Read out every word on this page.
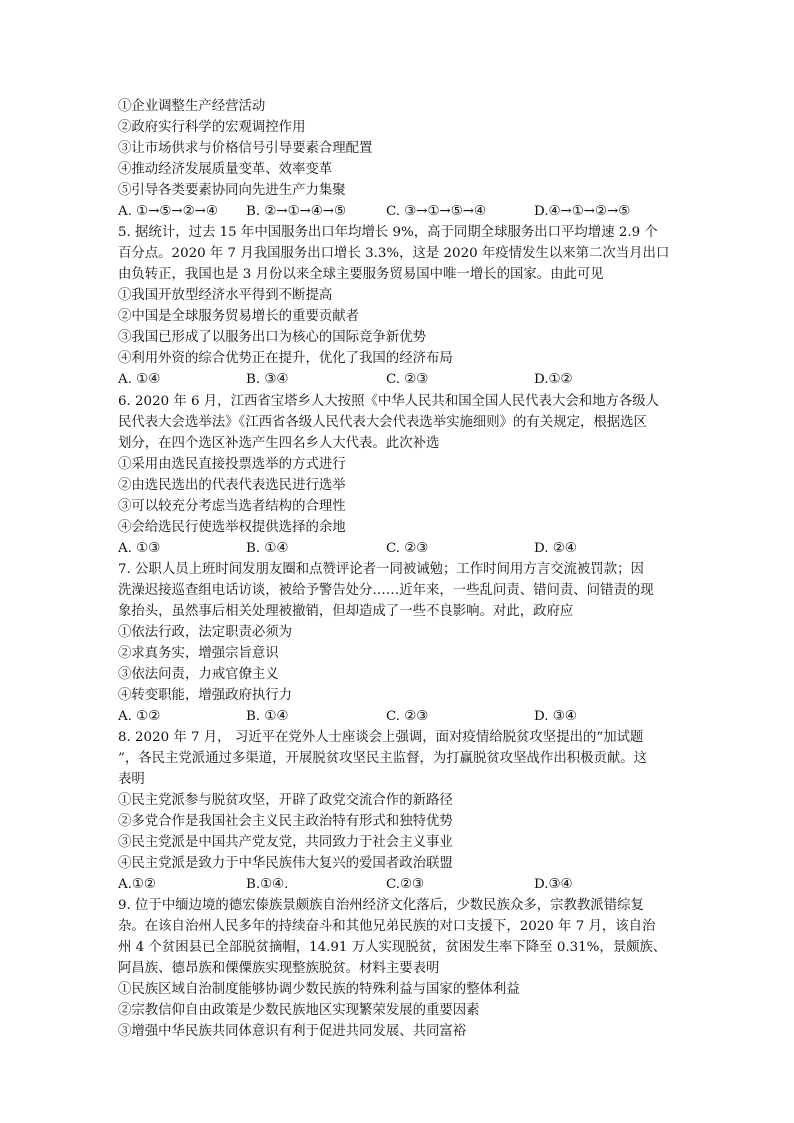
①企业调整生产经营活动
②政府实行科学的宏观调控作用
③让市场供求与价格信号引导要素合理配置
④推动经济发展质量变革、效率变革
⑤引导各类要素协同向先进生产力集聚
A. ①→⑤→②→④ B. ②→①→④→⑤	C. ③→①→⑤→④	D.④→①→②→⑤
5. 据统计，过去 15 年中国服务出口年均增长 9%，高于同期全球服务出口平均增速 2.9 个
百分点。2020 年 7 月我国服务出口增长 3.3%，这是 2020 年疫情发生以来第二次当月出口
由负转正，我国也是 3 月份以来全球主要服务贸易国中唯一增长的国家。由此可见
①我国开放型经济水平得到不断提高
②中国是全球服务贸易增长的重要贡献者
③我国已形成了以服务出口为核心的国际竞争新优势
④利用外资的综合优势正在提升，优化了我国的经济布局
A. ①④	B. ③④	C. ②③	D.①②
6. 2020 年 6 月，江西省宝塔乡人大按照《中华人民共和国全国人民代表大会和地方各级人
民代表大会选举法》《江西省各级人民代表大会代表选举实施细则》的有关规定，根据选区
划分，在四个选区补选产生四名乡人大代表。此次补选
①采用由选民直接投票选举的方式进行
②由选民选出的代表代表选民进行选举
③可以较充分考虑当选者结构的合理性
④会给选民行使选举权提供选择的余地
A. ①③	B. ①④	C. ②③	D. ②④
7. 公职人员上班时间发朋友圈和点赞评论者一同被诫勉；工作时间用方言交流被罚款；因
洗澡迟接巡查组电话访谈，被给予警告处分……近年来，一些乱问责、错问责、问错责的现
象抬头，虽然事后相关处理被撤销，但却造成了一些不良影响。对此，政府应
①依法行政，法定职责必须为
②求真务实，增强宗旨意识
③依法问责，力戒官僚主义
④转变职能，增强政府执行力
A. ①②	B. ①④	C. ②③	D. ③④
8. 2020 年 7 月， 习近平在党外人士座谈会上强调，面对疫情给脱贫攻坚提出的“加试题
”，各民主党派通过多渠道，开展脱贫攻坚民主监督，为打赢脱贫攻坚战作出积极贡献。这
表明
①民主党派参与脱贫攻坚，开辟了政党交流合作的新路径
②多党合作是我国社会主义民主政治特有形式和独特优势
③民主党派是中国共产党友党，共同致力于社会主义事业
④民主党派是致力于中华民族伟大复兴的爱国者政治联盟
A.①②	B.①④.	C.②③	D.③④
9. 位于中缅边境的德宏傣族景颇族自治州经济文化落后，少数民族众多，宗教教派错综复
杂。在该自治州人民多年的持续奋斗和其他兄弟民族的对口支援下，2020 年 7 月，该自治
州 4 个贫困县已全部脱贫摘帽，14.91 万人实现脱贫，贫困发生率下降至 0.31%，景颇族、
阿昌族、德昂族和傈僳族实现整族脱贫。材料主要表明
①民族区域自治制度能够协调少数民族的特殊利益与国家的整体利益
②宗教信仰自由政策是少数民族地区实现繁荣发展的重要因素
③增强中华民族共同体意识有利于促进共同发展、共同富裕
